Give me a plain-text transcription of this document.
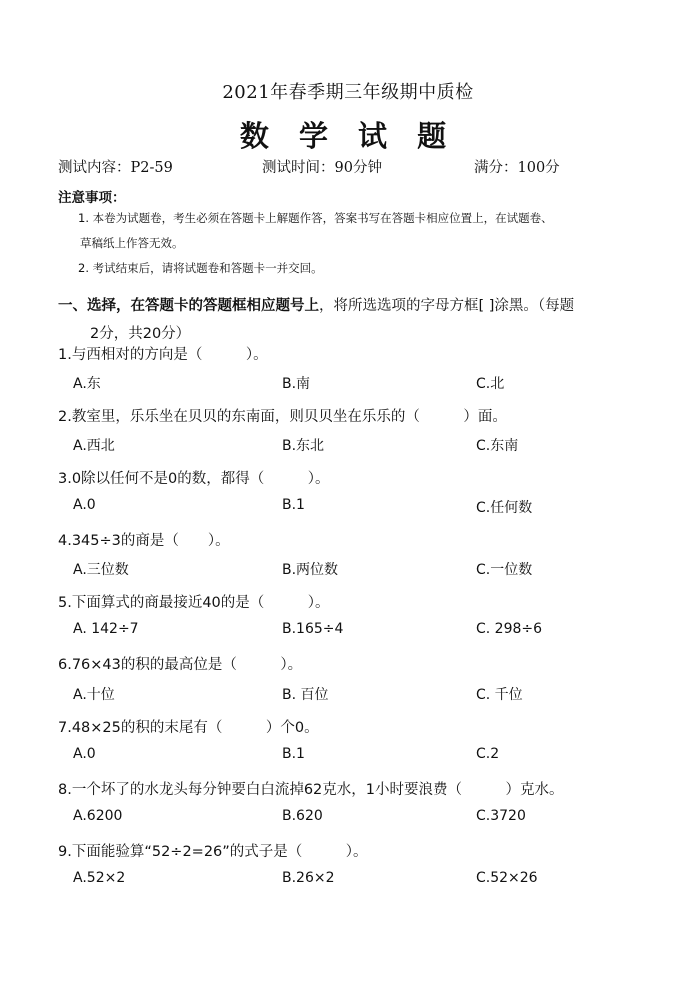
2021年春季期三年级期中质检
数 学 试 题
测试内容：P2-59	测试时间：90分钟	满分：100分
注意事项：
1. 本卷为试题卷，考生必须在答题卡上解题作答，答案书写在答题卡相应位置上，在试题卷、
草稿纸上作答无效。
2. 考试结束后，请将试题卷和答题卡一并交回。
一、选择，在答题卡的答题框相应题号上，将所选选项的字母方框[ ]涂黑。（每题
2分，共20分）
1.与西相对的方向是（　　　）。
A.东	B.南	C.北
2.教室里，乐乐坐在贝贝的东南面，则贝贝坐在乐乐的（　　　）面。
A.西北	B.东北	C.东南
3.0除以任何不是0的数，都得（　　　）。
A.0	B.1	C.任何数
4.345÷3的商是（　　）。
A.三位数	B.两位数	C.一位数
5.下面算式的商最接近40的是（　　　）。
A. 142÷7	B.165÷4	C. 298÷6
6.76×43的积的最高位是（　　　）。
A.十位	B. 百位	C. 千位
7.48×25的积的末尾有（　　　）个0。
A.0	B.1	C.2
8.一个坏了的水龙头每分钟要白白流掉62克水，1小时要浪费（　　　）克水。
A.6200	B.620	C.3720
9.下面能验算“52÷2=26”的式子是（　　　）。
A.52×2	B.26×2	C.52×26
